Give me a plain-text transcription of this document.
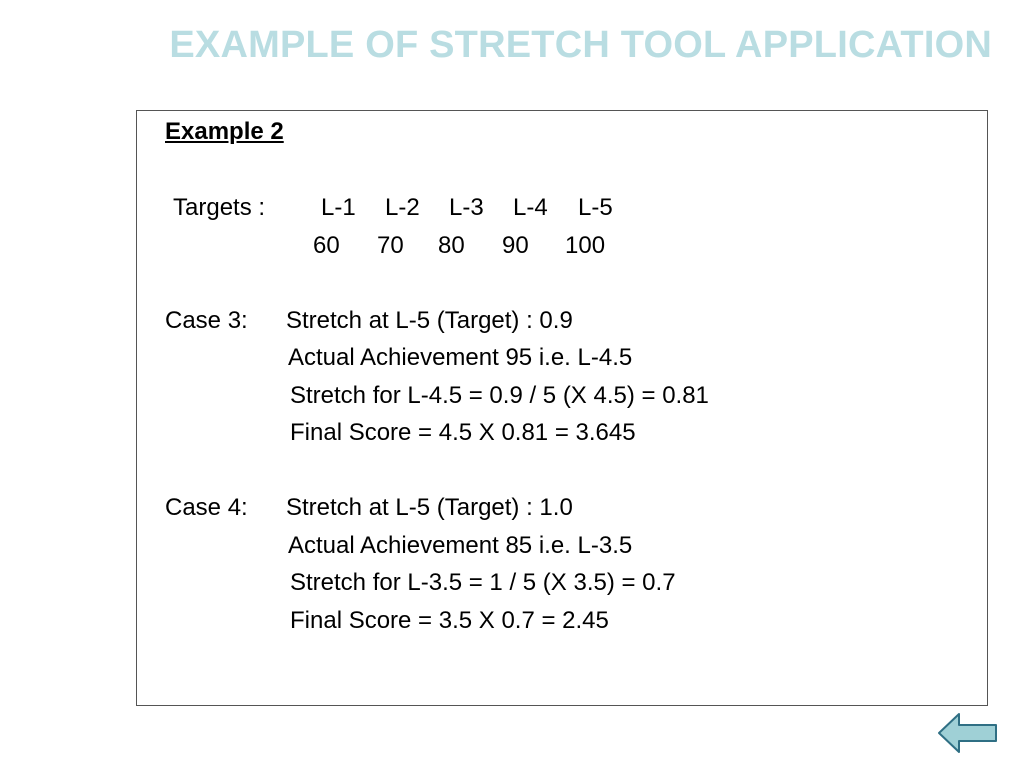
EXAMPLE OF STRETCH TOOL APPLICATION
Example 2
Targets : L-1 L-2 L-3 L-4 L-5
60 70 80 90 100
Case 3: Stretch at L-5 (Target) : 0.9
Actual Achievement 95 i.e. L-4.5
Stretch for L-4.5 = 0.9 / 5 (X 4.5) = 0.81
Final Score = 4.5 X 0.81 = 3.645
Case 4: Stretch at L-5 (Target) : 1.0
Actual Achievement 85 i.e. L-3.5
Stretch for L-3.5 = 1 / 5 (X 3.5) = 0.7
Final Score = 3.5 X 0.7 = 2.45
